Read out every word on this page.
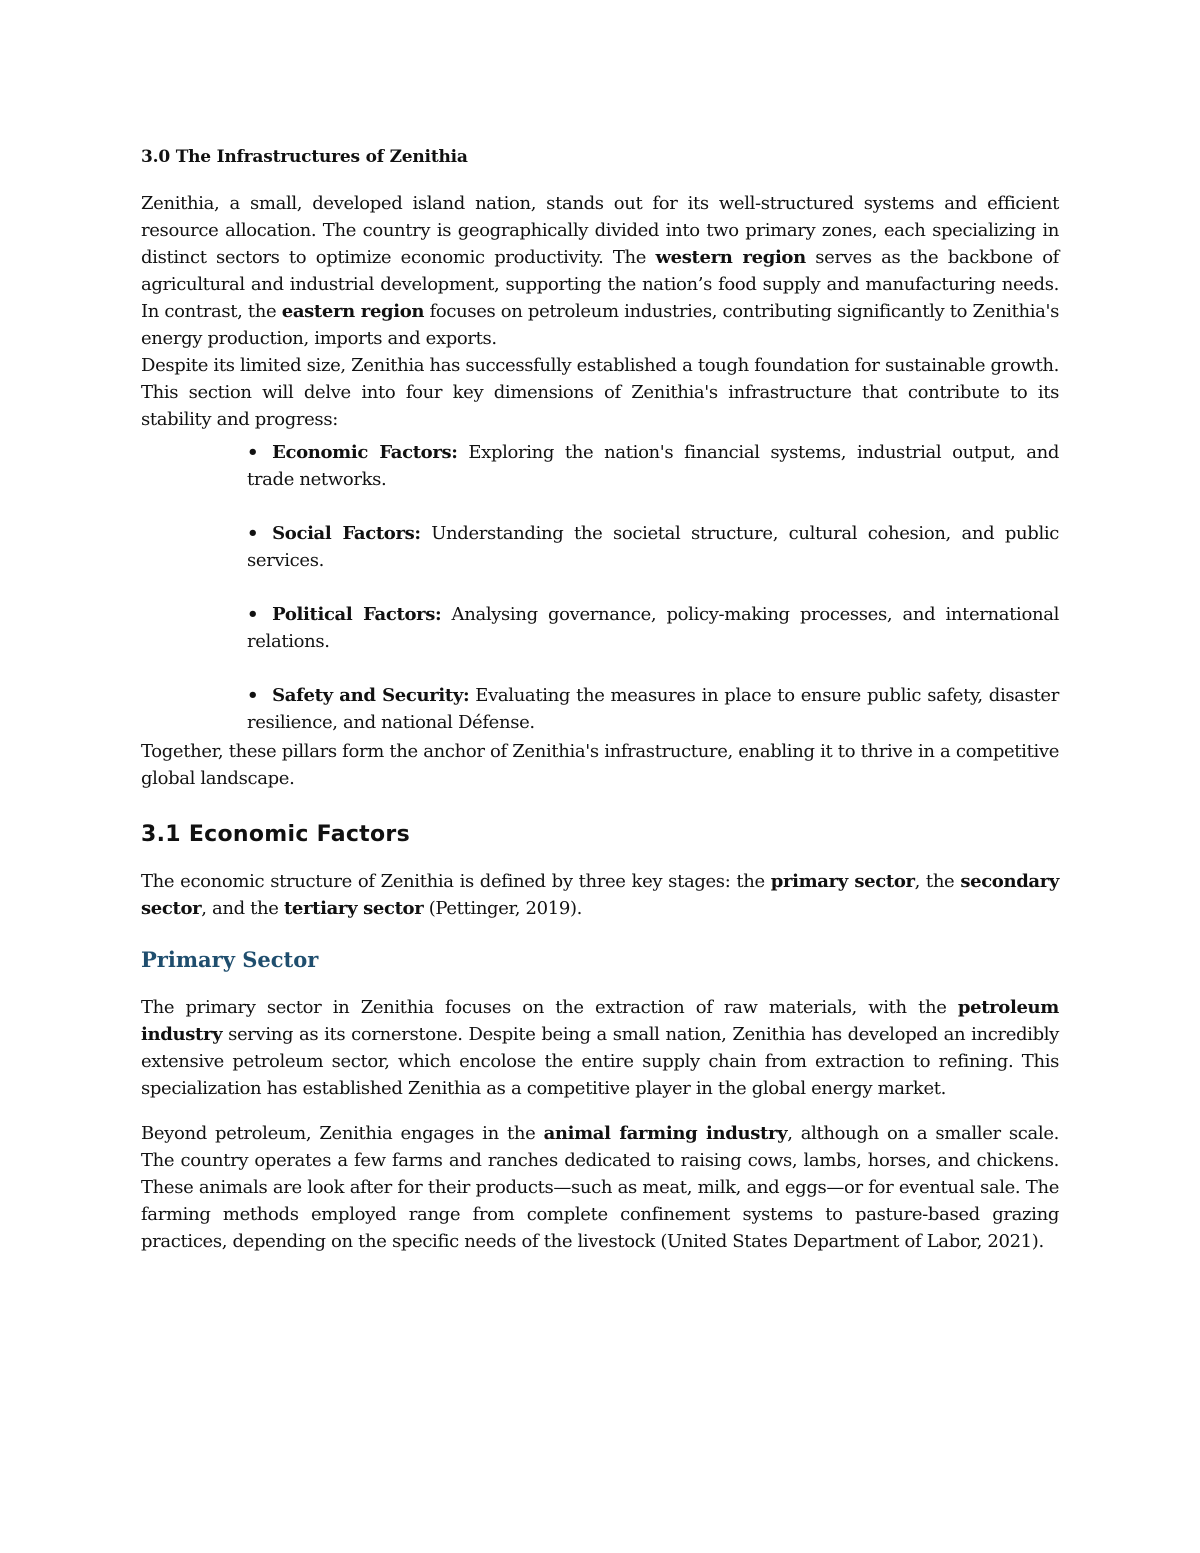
3.0 The Infrastructures of Zenithia

Zenithia, a small, developed island nation, stands out for its well-structured systems and efficient resource allocation. The country is geographically divided into two primary zones, each specializing in distinct sectors to optimize economic productivity. The western region serves as the backbone of agricultural and industrial development, supporting the nation’s food supply and manufacturing needs. In contrast, the eastern region focuses on petroleum industries, contributing significantly to Zenithia's energy production, imports and exports.

Despite its limited size, Zenithia has successfully established a tough foundation for sustainable growth. This section will delve into four key dimensions of Zenithia's infrastructure that contribute to its stability and progress:

• Economic Factors: Exploring the nation's financial systems, industrial output, and trade networks.
• Social Factors: Understanding the societal structure, cultural cohesion, and public services.
• Political Factors: Analysing governance, policy-making processes, and international relations.
• Safety and Security: Evaluating the measures in place to ensure public safety, disaster resilience, and national Défense.

Together, these pillars form the anchor of Zenithia's infrastructure, enabling it to thrive in a competitive global landscape.

3.1 Economic Factors

The economic structure of Zenithia is defined by three key stages: the primary sector, the secondary sector, and the tertiary sector (Pettinger, 2019).

Primary Sector

The primary sector in Zenithia focuses on the extraction of raw materials, with the petroleum industry serving as its cornerstone. Despite being a small nation, Zenithia has developed an incredibly extensive petroleum sector, which encolose the entire supply chain from extraction to refining. This specialization has established Zenithia as a competitive player in the global energy market.

Beyond petroleum, Zenithia engages in the animal farming industry, although on a smaller scale. The country operates a few farms and ranches dedicated to raising cows, lambs, horses, and chickens. These animals are look after for their products—such as meat, milk, and eggs—or for eventual sale. The farming methods employed range from complete confinement systems to pasture-based grazing practices, depending on the specific needs of the livestock (United States Department of Labor, 2021).
